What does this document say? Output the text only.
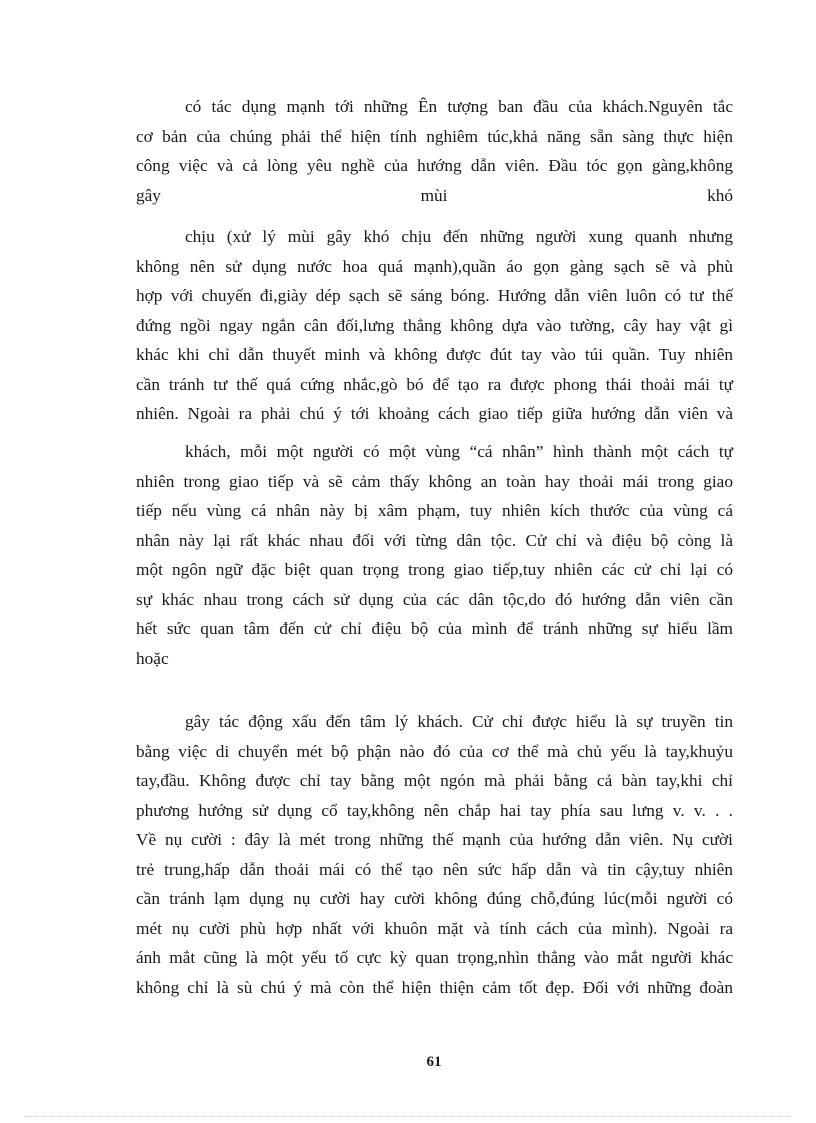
có tác dụng mạnh tới những Ên tượng ban đầu của khách.Nguyên tắc
cơ bản của chúng phải thể hiện tính nghiêm túc,khả năng sẵn sàng thực hiện
công việc và cả lòng yêu nghề của hướng dẫn viên. Đầu tóc gọn gàng,không
gây mùi khó
chịu (xử lý mùi gây khó chịu đến những người xung quanh nhưng
không nên sử dụng nước hoa quá mạnh),quần áo gọn gàng sạch sẽ và phù
hợp với chuyến đi,giày dép sạch sẽ sáng bóng. Hướng dẫn viên luôn có tư thế
đứng ngồi ngay ngắn cân đối,lưng thẳng không dựa vào tường, cây hay vật gì
khác khi chỉ dẫn thuyết minh và không được đút tay vào túi quần. Tuy nhiên
cần tránh tư thế quá cứng nhắc,gò bó để tạo ra được phong thái thoải mái tự
nhiên. Ngoài ra phải chú ý tới khoảng cách giao tiếp giữa hướng dẫn viên và
khách, mỗi một người có một vùng “cá nhân” hình thành một cách tự
nhiên trong giao tiếp và sẽ cảm thấy không an toàn hay thoải mái trong giao
tiếp nếu vùng cá nhân này bị xâm phạm, tuy nhiên kích thước của vùng cá
nhân này lại rất khác nhau đối với từng dân tộc. Cử chỉ và điệu bộ còng là
một ngôn ngữ đặc biệt quan trọng trong giao tiếp,tuy nhiên các cử chỉ lại có
sự khác nhau trong cách sử dụng của các dân tộc,do đó hướng dẫn viên cần
hết sức quan tâm đến cử chỉ điệu bộ của mình để tránh những sự hiểu lầm
hoặc
gây tác động xấu đến tâm lý khách. Cử chỉ được hiểu là sự truyền tin
bằng việc di chuyển mét bộ phận nào đó của cơ thể mà chủ yếu là tay,khuỷu
tay,đầu. Không được chỉ tay bằng một ngón mà phải bằng cả bàn tay,khi chỉ
phương hướng sử dụng cổ tay,không nên chắp hai tay phía sau lưng v. v. . .
Về nụ cười : đây là mét trong những thế mạnh của hướng dẫn viên. Nụ cười
trẻ trung,hấp dẫn thoải mái có thể tạo nên sức hấp dẫn và tin cậy,tuy nhiên
cần tránh lạm dụng nụ cười hay cười không đúng chỗ,đúng lúc(mỗi người có
mét nụ cười phù hợp nhất với khuôn mặt và tính cách của mình). Ngoài ra
ánh mắt cũng là một yếu tố cực kỳ quan trọng,nhìn thẳng vào mắt người khác
không chỉ là sù chú ý mà còn thể hiện thiện cảm tốt đẹp. Đối với những đoàn
61
